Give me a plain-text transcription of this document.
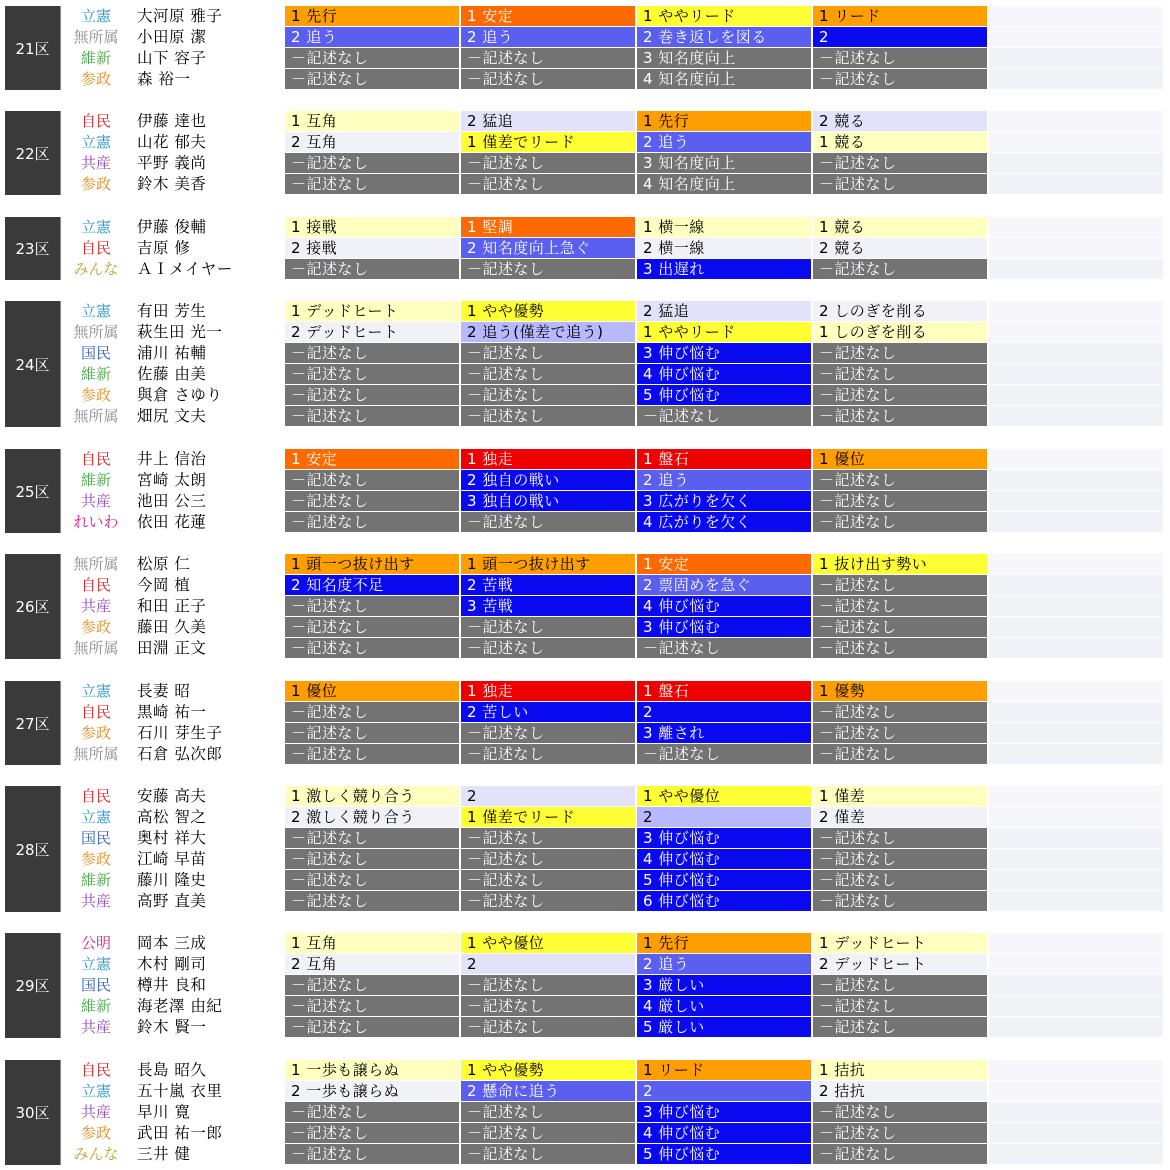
21区
立憲	大河原 雅子	1 先行	1 安定	1 ややリード	1 リード
無所属	小田原 潔	2 追う	2 追う	2 巻き返しを図る	2
維新	山下 容子	－記述なし	－記述なし	3 知名度向上	－記述なし
参政	森 裕一	－記述なし	－記述なし	4 知名度向上	－記述なし
22区
自民	伊藤 達也	1 互角	2 猛追	1 先行	2 競る
立憲	山花 郁夫	2 互角	1 僅差でリード	2 追う	1 競る
共産	平野 義尚	－記述なし	－記述なし	3 知名度向上	－記述なし
参政	鈴木 美香	－記述なし	－記述なし	4 知名度向上	－記述なし
23区
立憲	伊藤 俊輔	1 接戦	1 堅調	1 横一線	1 競る
自民	吉原 修	2 接戦	2 知名度向上急ぐ	2 横一線	2 競る
みんな	ＡＩメイヤー	－記述なし	－記述なし	3 出遅れ	－記述なし
24区
立憲	有田 芳生	1 デッドヒート	1 やや優勢	2 猛追	2 しのぎを削る
無所属	萩生田 光一	2 デッドヒート	2 追う(僅差で追う)	1 ややリード	1 しのぎを削る
国民	浦川 祐輔	－記述なし	－記述なし	3 伸び悩む	－記述なし
維新	佐藤 由美	－記述なし	－記述なし	4 伸び悩む	－記述なし
参政	與倉 さゆり	－記述なし	－記述なし	5 伸び悩む	－記述なし
無所属	畑尻 文夫	－記述なし	－記述なし	－記述なし	－記述なし
25区
自民	井上 信治	1 安定	1 独走	1 盤石	1 優位
維新	宮崎 太朗	－記述なし	2 独自の戦い	2 追う	－記述なし
共産	池田 公三	－記述なし	3 独自の戦い	3 広がりを欠く	－記述なし
れいわ	依田 花蓮	－記述なし	－記述なし	4 広がりを欠く	－記述なし
26区
無所属	松原 仁	1 頭一つ抜け出す	1 頭一つ抜け出す	1 安定	1 抜け出す勢い
自民	今岡 植	2 知名度不足	2 苦戦	2 票固めを急ぐ	－記述なし
共産	和田 正子	－記述なし	3 苦戦	4 伸び悩む	－記述なし
参政	藤田 久美	－記述なし	－記述なし	3 伸び悩む	－記述なし
無所属	田淵 正文	－記述なし	－記述なし	－記述なし	－記述なし
27区
立憲	長妻 昭	1 優位	1 独走	1 盤石	1 優勢
自民	黒崎 祐一	－記述なし	2 苦しい	2	－記述なし
参政	石川 芽生子	－記述なし	－記述なし	3 離され	－記述なし
無所属	石倉 弘次郎	－記述なし	－記述なし	－記述なし	－記述なし
28区
自民	安藤 高夫	1 激しく競り合う	2	1 やや優位	1 僅差
立憲	高松 智之	2 激しく競り合う	1 僅差でリード	2	2 僅差
国民	奥村 祥大	－記述なし	－記述なし	3 伸び悩む	－記述なし
参政	江崎 早苗	－記述なし	－記述なし	4 伸び悩む	－記述なし
維新	藤川 隆史	－記述なし	－記述なし	5 伸び悩む	－記述なし
共産	高野 直美	－記述なし	－記述なし	6 伸び悩む	－記述なし
29区
公明	岡本 三成	1 互角	1 やや優位	1 先行	1 デッドヒート
立憲	木村 剛司	2 互角	2	2 追う	2 デッドヒート
国民	樽井 良和	－記述なし	－記述なし	3 厳しい	－記述なし
維新	海老澤 由紀	－記述なし	－記述なし	4 厳しい	－記述なし
共産	鈴木 賢一	－記述なし	－記述なし	5 厳しい	－記述なし
30区
自民	長島 昭久	1 一歩も譲らぬ	1 やや優勢	1 リード	1 拮抗
立憲	五十嵐 衣里	2 一歩も譲らぬ	2 懸命に追う	2	2 拮抗
共産	早川 寛	－記述なし	－記述なし	3 伸び悩む	－記述なし
参政	武田 祐一郎	－記述なし	－記述なし	4 伸び悩む	－記述なし
みんな	三井 健	－記述なし	－記述なし	5 伸び悩む	－記述なし
